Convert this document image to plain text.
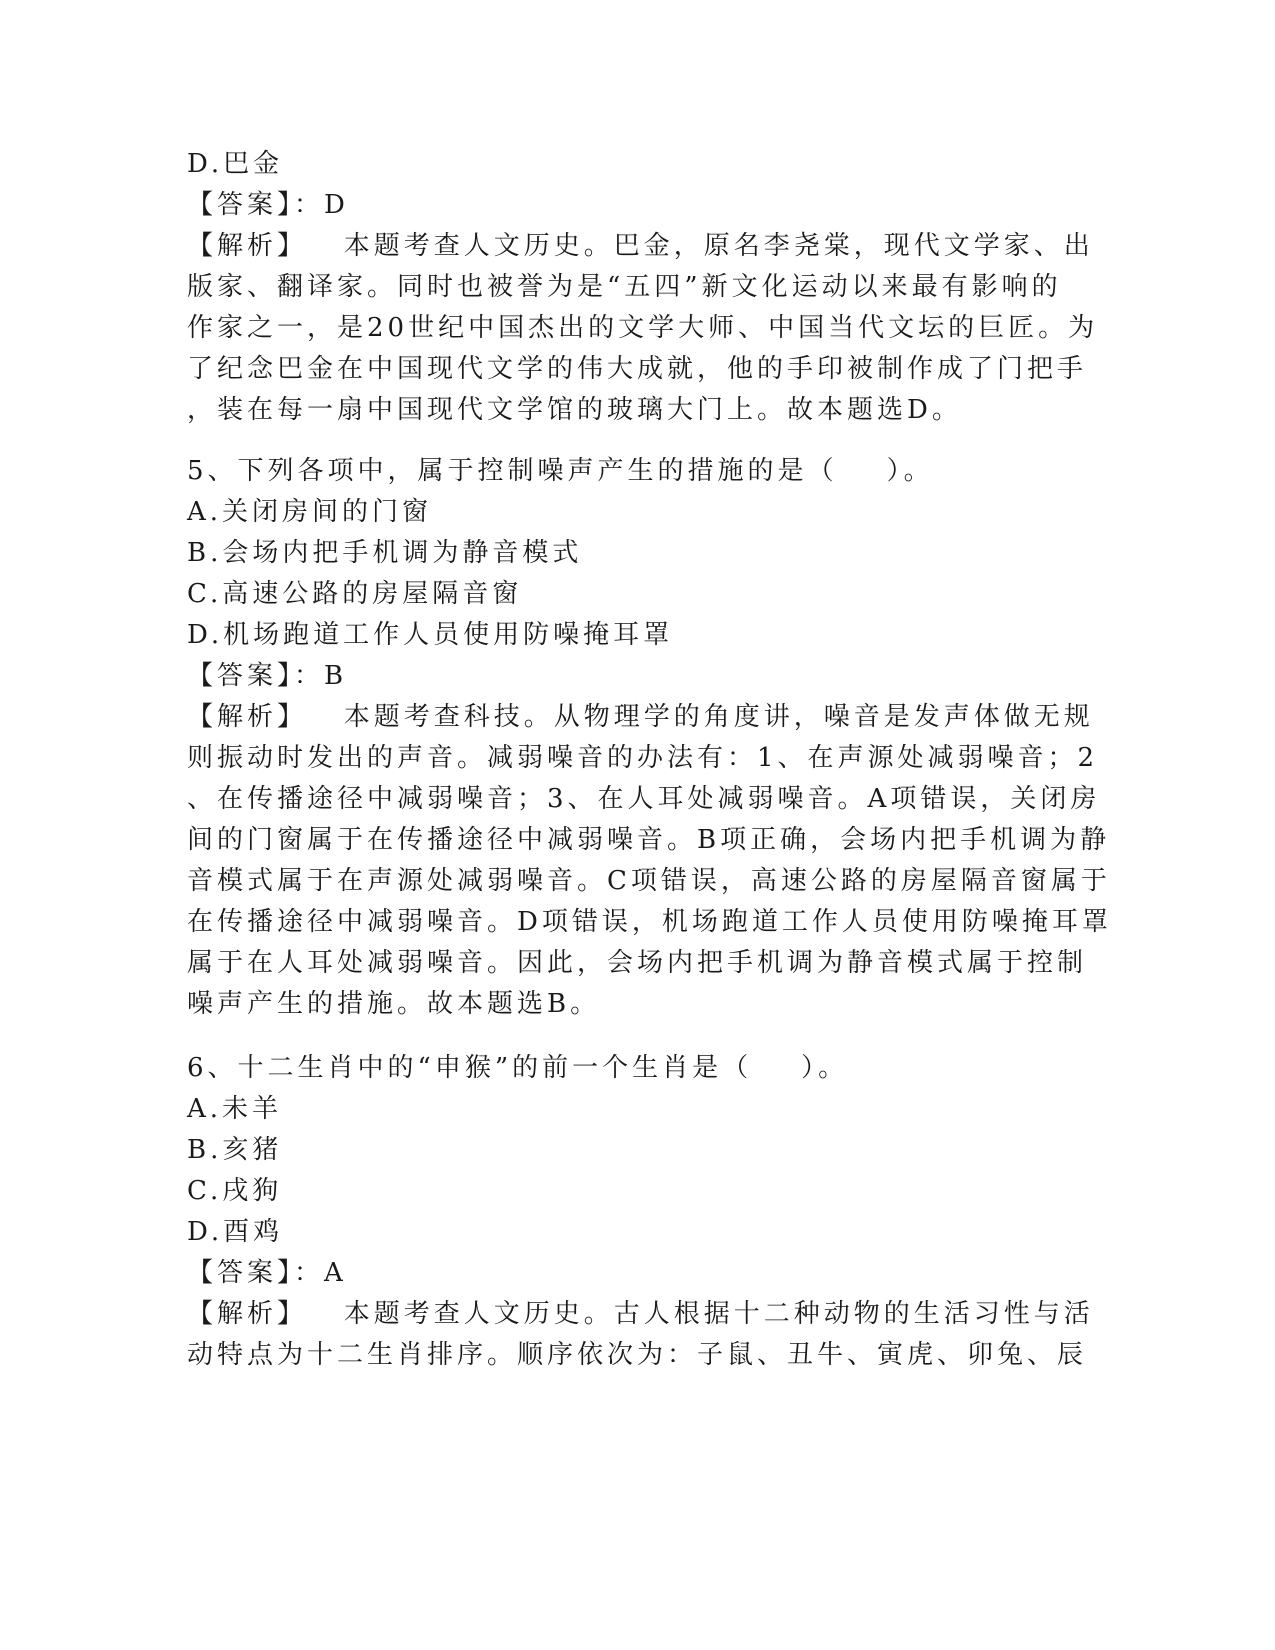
D.巴金
【答案】：D
【解析】   本题考查人文历史。巴金，原名李尧棠，现代文学家、出
版家、翻译家。同时也被誉为是“五四”新文化运动以来最有影响的
作家之一，是20世纪中国杰出的文学大师、中国当代文坛的巨匠。为
了纪念巴金在中国现代文学的伟大成就，他的手印被制作成了门把手
，装在每一扇中国现代文学馆的玻璃大门上。故本题选D。
5、下列各项中，属于控制噪声产生的措施的是（    ）。
A.关闭房间的门窗
B.会场内把手机调为静音模式
C.高速公路的房屋隔音窗
D.机场跑道工作人员使用防噪掩耳罩
【答案】：B
【解析】   本题考查科技。从物理学的角度讲，噪音是发声体做无规
则振动时发出的声音。减弱噪音的办法有：1、在声源处减弱噪音；2
、在传播途径中减弱噪音；3、在人耳处减弱噪音。A项错误，关闭房
间的门窗属于在传播途径中减弱噪音。B项正确，会场内把手机调为静
音模式属于在声源处减弱噪音。C项错误，高速公路的房屋隔音窗属于
在传播途径中减弱噪音。D项错误，机场跑道工作人员使用防噪掩耳罩
属于在人耳处减弱噪音。因此，会场内把手机调为静音模式属于控制
噪声产生的措施。故本题选B。
6、十二生肖中的“申猴”的前一个生肖是（    ）。
A.未羊
B.亥猪
C.戌狗
D.酉鸡
【答案】：A
【解析】   本题考查人文历史。古人根据十二种动物的生活习性与活
动特点为十二生肖排序。顺序依次为：子鼠、丑牛、寅虎、卯兔、辰
